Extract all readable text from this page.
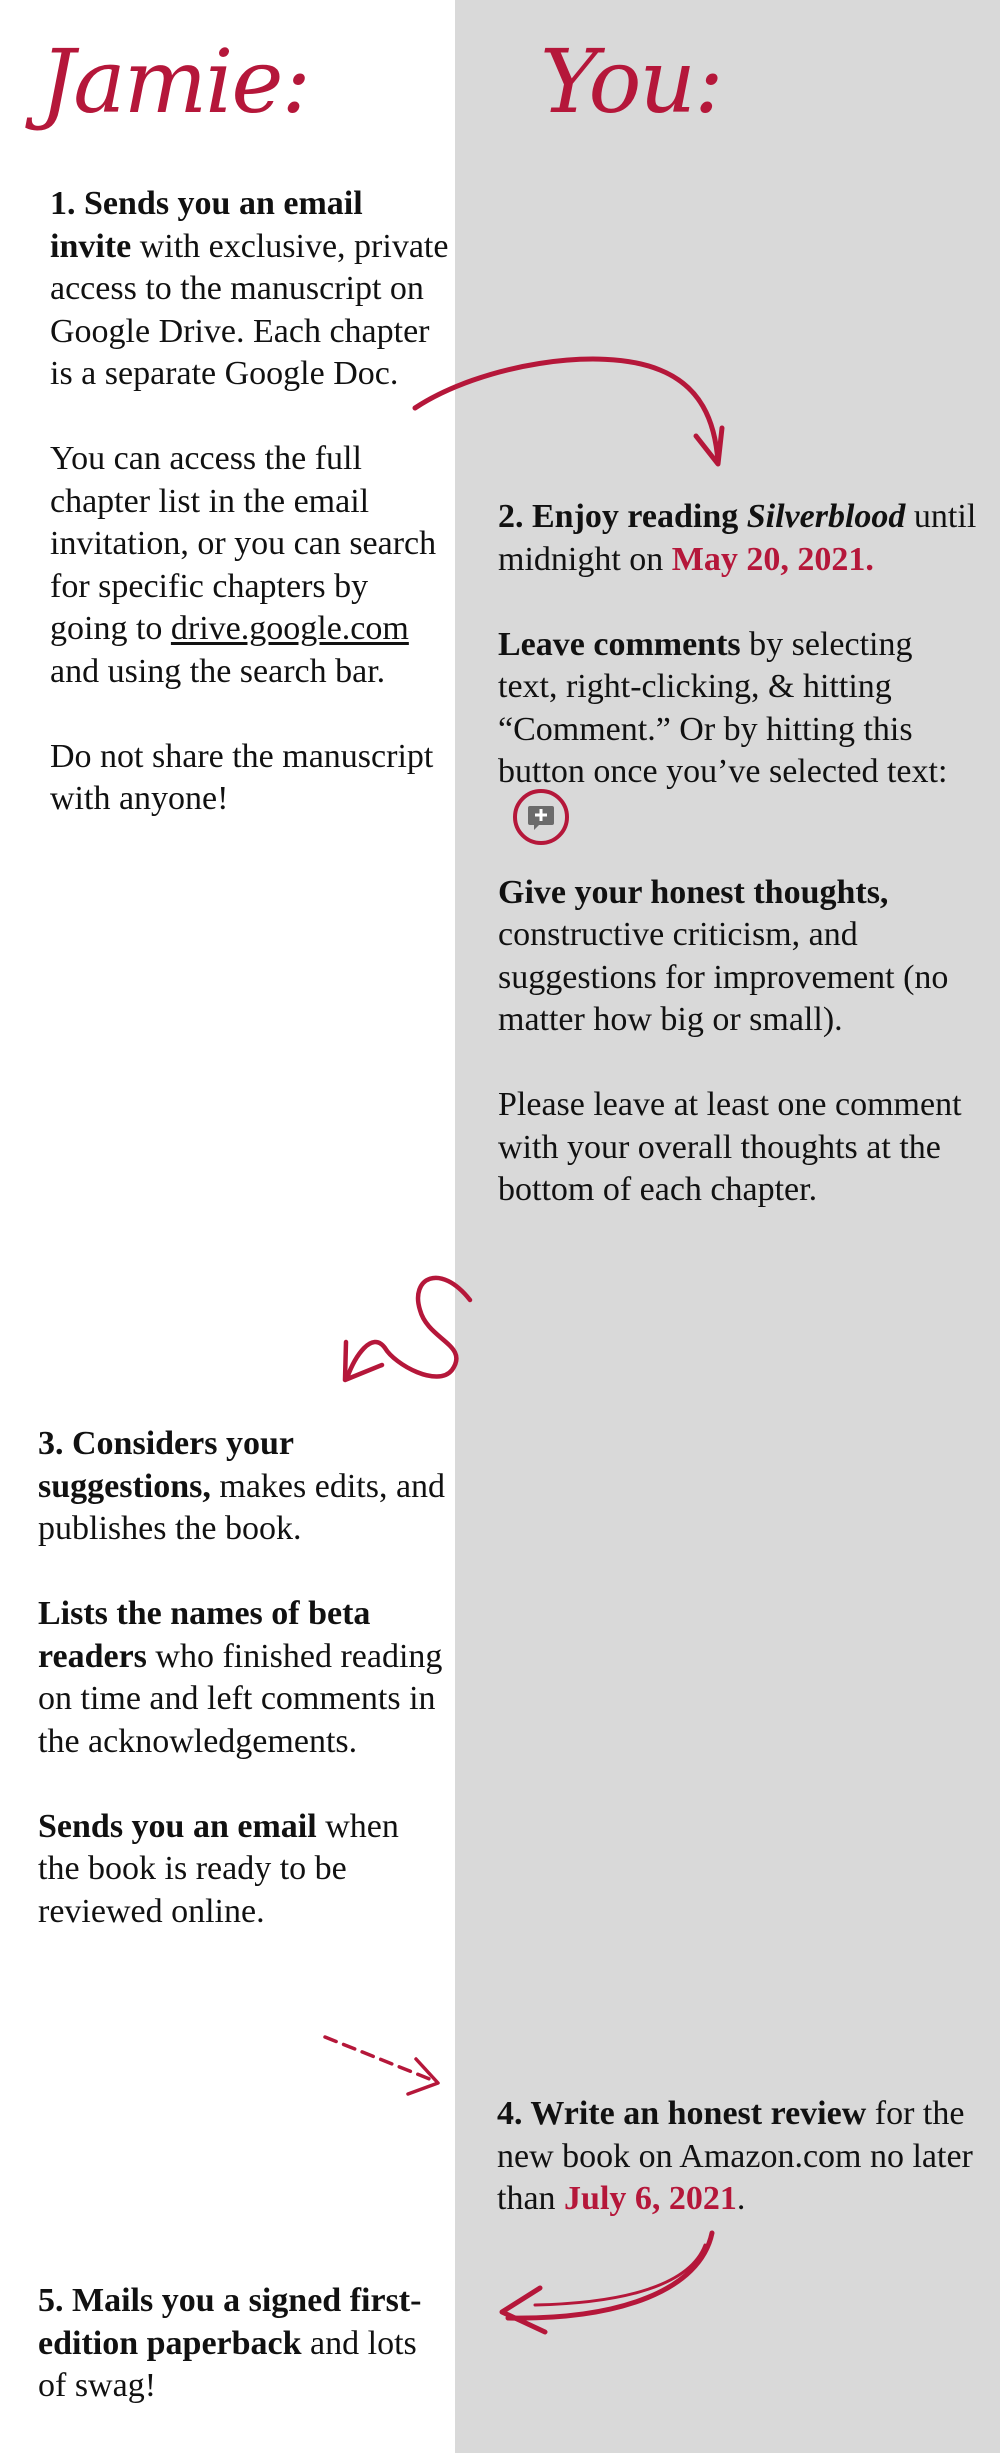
Jamie:	You:

1. Sends you an email invite with exclusive, private access to the manuscript on Google Drive. Each chapter is a separate Google Doc.

You can access the full chapter list in the email invitation, or you can search for specific chapters by going to drive.google.com and using the search bar.

Do not share the manuscript with anyone!

2. Enjoy reading Silverblood until midnight on May 20, 2021.

Leave comments by selecting text, right-clicking, & hitting “Comment.” Or by hitting this button once you’ve selected text:

Give your honest thoughts, constructive criticism, and suggestions for improvement (no matter how big or small).

Please leave at least one comment with your overall thoughts at the bottom of each chapter.

3. Considers your suggestions, makes edits, and publishes the book.

Lists the names of beta readers who finished reading on time and left comments in the acknowledgements.

Sends you an email when the book is ready to be reviewed online.

4. Write an honest review for the new book on Amazon.com no later than July 6, 2021.

5. Mails you a signed first-edition paperback and lots of swag!
